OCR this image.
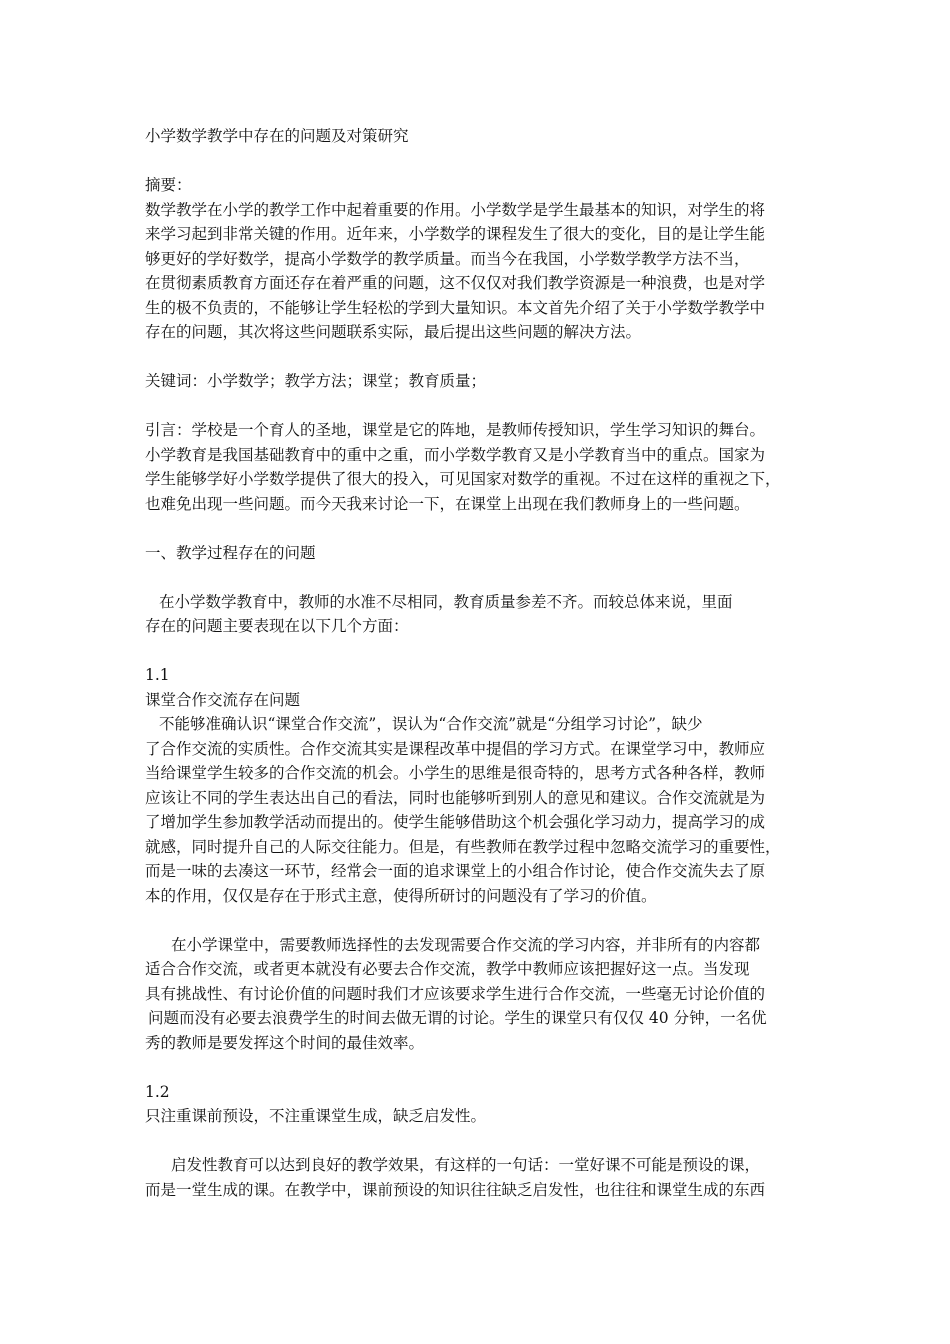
小学数学教学中存在的问题及对策研究
摘要：
数学教学在小学的教学工作中起着重要的作用。小学数学是学生最基本的知识，对学生的将
来学习起到非常关键的作用。近年来，小学数学的课程发生了很大的变化，目的是让学生能
够更好的学好数学，提高小学数学的教学质量。而当今在我国，小学数学教学方法不当，
在贯彻素质教育方面还存在着严重的问题，这不仅仅对我们教学资源是一种浪费，也是对学
生的极不负责的，不能够让学生轻松的学到大量知识。本文首先介绍了关于小学数学教学中
存在的问题，其次将这些问题联系实际，最后提出这些问题的解决方法。
关键词：小学数学；教学方法；课堂；教育质量；
引言：学校是一个育人的圣地，课堂是它的阵地，是教师传授知识，学生学习知识的舞台。
小学教育是我国基础教育中的重中之重，而小学数学教育又是小学教育当中的重点。国家为
学生能够学好小学数学提供了很大的投入，可见国家对数学的重视。不过在这样的重视之下，
也难免出现一些问题。而今天我来讨论一下，在课堂上出现在我们教师身上的一些问题。
一、教学过程存在的问题
在小学数学教育中，教师的水准不尽相同，教育质量参差不齐。而较总体来说，里面
存在的问题主要表现在以下几个方面：
1.1
课堂合作交流存在问题
不能够准确认识“课堂合作交流”，误认为“合作交流”就是“分组学习讨论”，缺少
了合作交流的实质性。合作交流其实是课程改革中提倡的学习方式。在课堂学习中，教师应
当给课堂学生较多的合作交流的机会。小学生的思维是很奇特的，思考方式各种各样，教师
应该让不同的学生表达出自己的看法，同时也能够听到别人的意见和建议。合作交流就是为
了增加学生参加教学活动而提出的。使学生能够借助这个机会强化学习动力，提高学习的成
就感，同时提升自己的人际交往能力。但是，有些教师在教学过程中忽略交流学习的重要性，
而是一味的去凑这一环节，经常会一面的追求课堂上的小组合作讨论，使合作交流失去了原
本的作用，仅仅是存在于形式主意，使得所研讨的问题没有了学习的价值。
在小学课堂中，需要教师选择性的去发现需要合作交流的学习内容，并非所有的内容都
适合合作交流，或者更本就没有必要去合作交流，教学中教师应该把握好这一点。当发现
具有挑战性、有讨论价值的问题时我们才应该要求学生进行合作交流，一些毫无讨论价值的
问题而没有必要去浪费学生的时间去做无谓的讨论。学生的课堂只有仅仅 40 分钟，一名优
秀的教师是要发挥这个时间的最佳效率。
1.2
只注重课前预设，不注重课堂生成，缺乏启发性。
启发性教育可以达到良好的教学效果，有这样的一句话：一堂好课不可能是预设的课，
而是一堂生成的课。在教学中，课前预设的知识往往缺乏启发性，也往往和课堂生成的东西
